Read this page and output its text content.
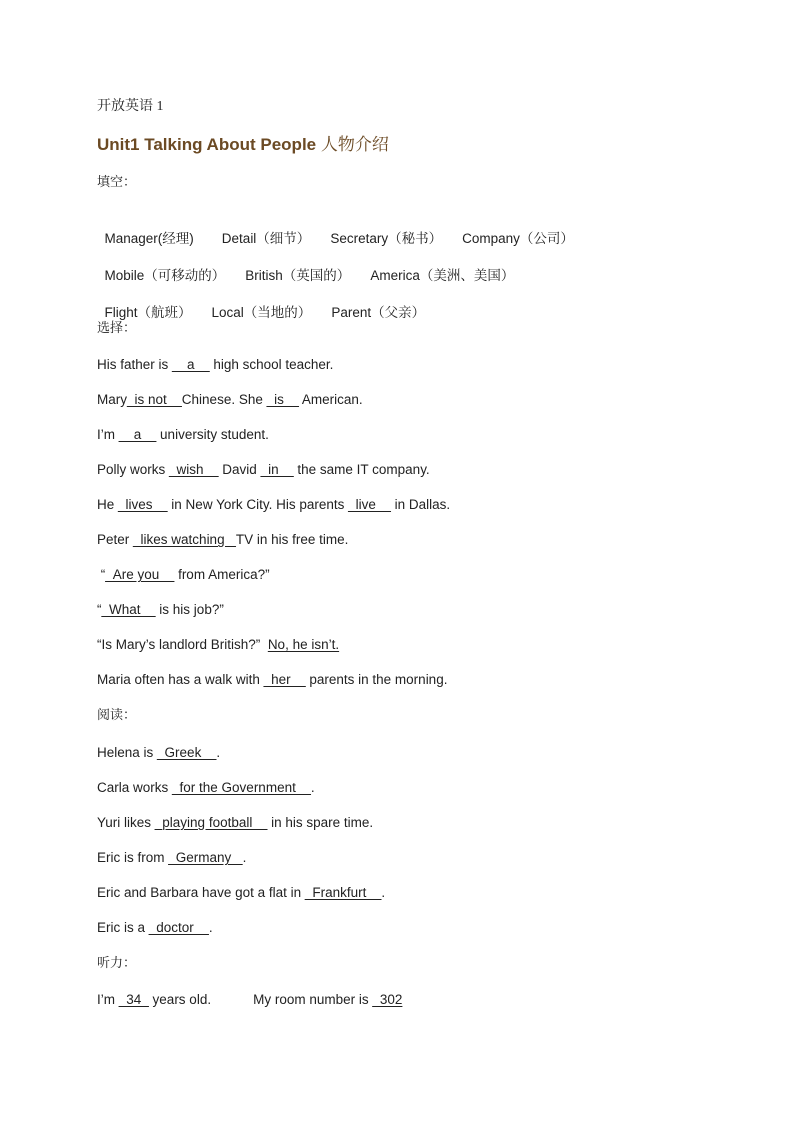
开放英语 1
Unit1 Talking About People 人物介绍
填空：

Manager(经理) Detail（细节） Secretary（秘书） Company（公司）

Mobile（可移动的） British（英国的） America（美洲、美国）

Flight（航班） Local（当地的） Parent（父亲）

选择：
His father is __a__ high school teacher.
Mary_is not__Chinese. She _is__ American.
I’m __a__ university student.
Polly works _wish__ David _in__ the same IT company.
He _lives__ in New York City. His parents _live__ in Dallas.
Peter _likes watching _TV in his free time.
“_Are you__ from America?”
“_What__ is his job?”
“Is Mary’s landlord British?”  No, he isn’t.
Maria often has a walk with _her__ parents in the morning.
阅读：
Helena is _Greek__.
Carla works _for the Government__.
Yuri likes _playing football__ in his spare time.
Eric is from _Germany _.
Eric and Barbara have got a flat in _Frankfurt__.
Eric is a _doctor__.
听力：
I’m _34_ years old.	My room number is _302
